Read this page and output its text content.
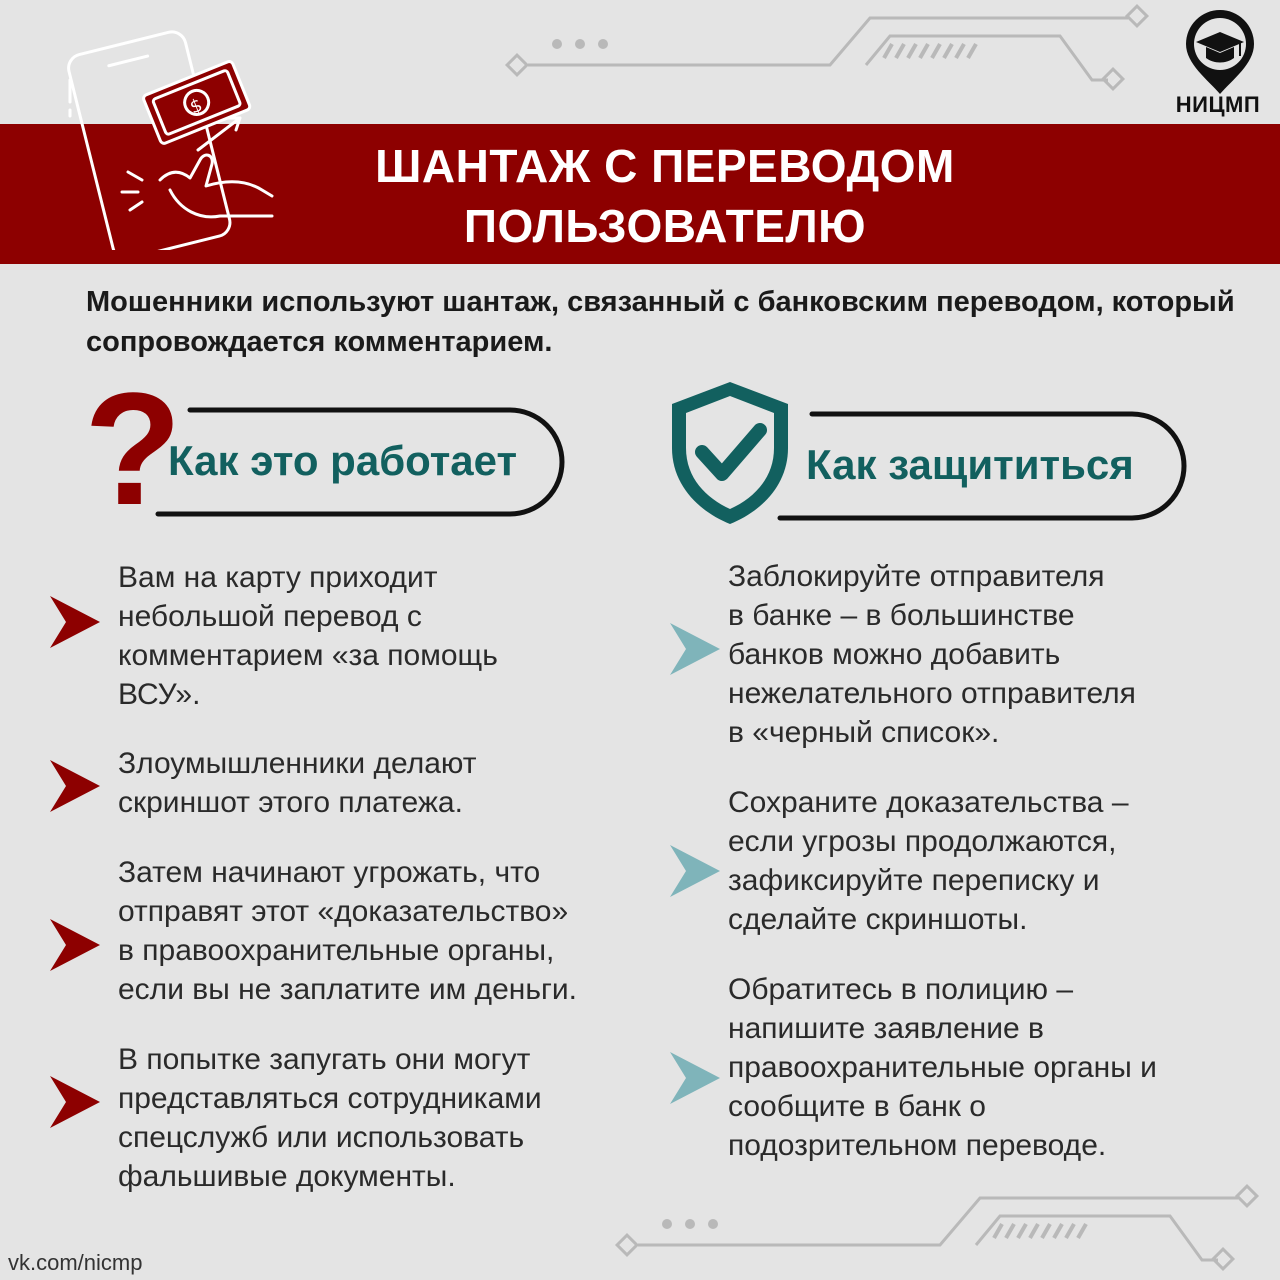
$
ШАНТАЖ С ПЕРЕВОДОМ
ПОЛЬЗОВАТЕЛЮ
НИЦМП
Мошенники используют шантаж, связанный с банковским переводом, который сопровождается комментарием.
?
Как это работает	Как защититься
Вам на карту приходит
небольшой перевод с
комментарием «за помощь
ВСУ».
Злоумышленники делают
скриншот этого платежа.
Затем начинают угрожать, что
отправят этот «доказательство»
в правоохранительные органы,
если вы не заплатите им деньги.
В попытке запугать они могут
представляться сотрудниками
спецслужб или использовать
фальшивые документы.
Заблокируйте отправителя
в банке – в большинстве
банков можно добавить
нежелательного отправителя
в «черный список».
Сохраните доказательства –
если угрозы продолжаются,
зафиксируйте переписку и
сделайте скриншоты.
Обратитесь в полицию –
напишите заявление в
правоохранительные органы и
сообщите в банк о
подозрительном переводе.
vk.com/nicmp
